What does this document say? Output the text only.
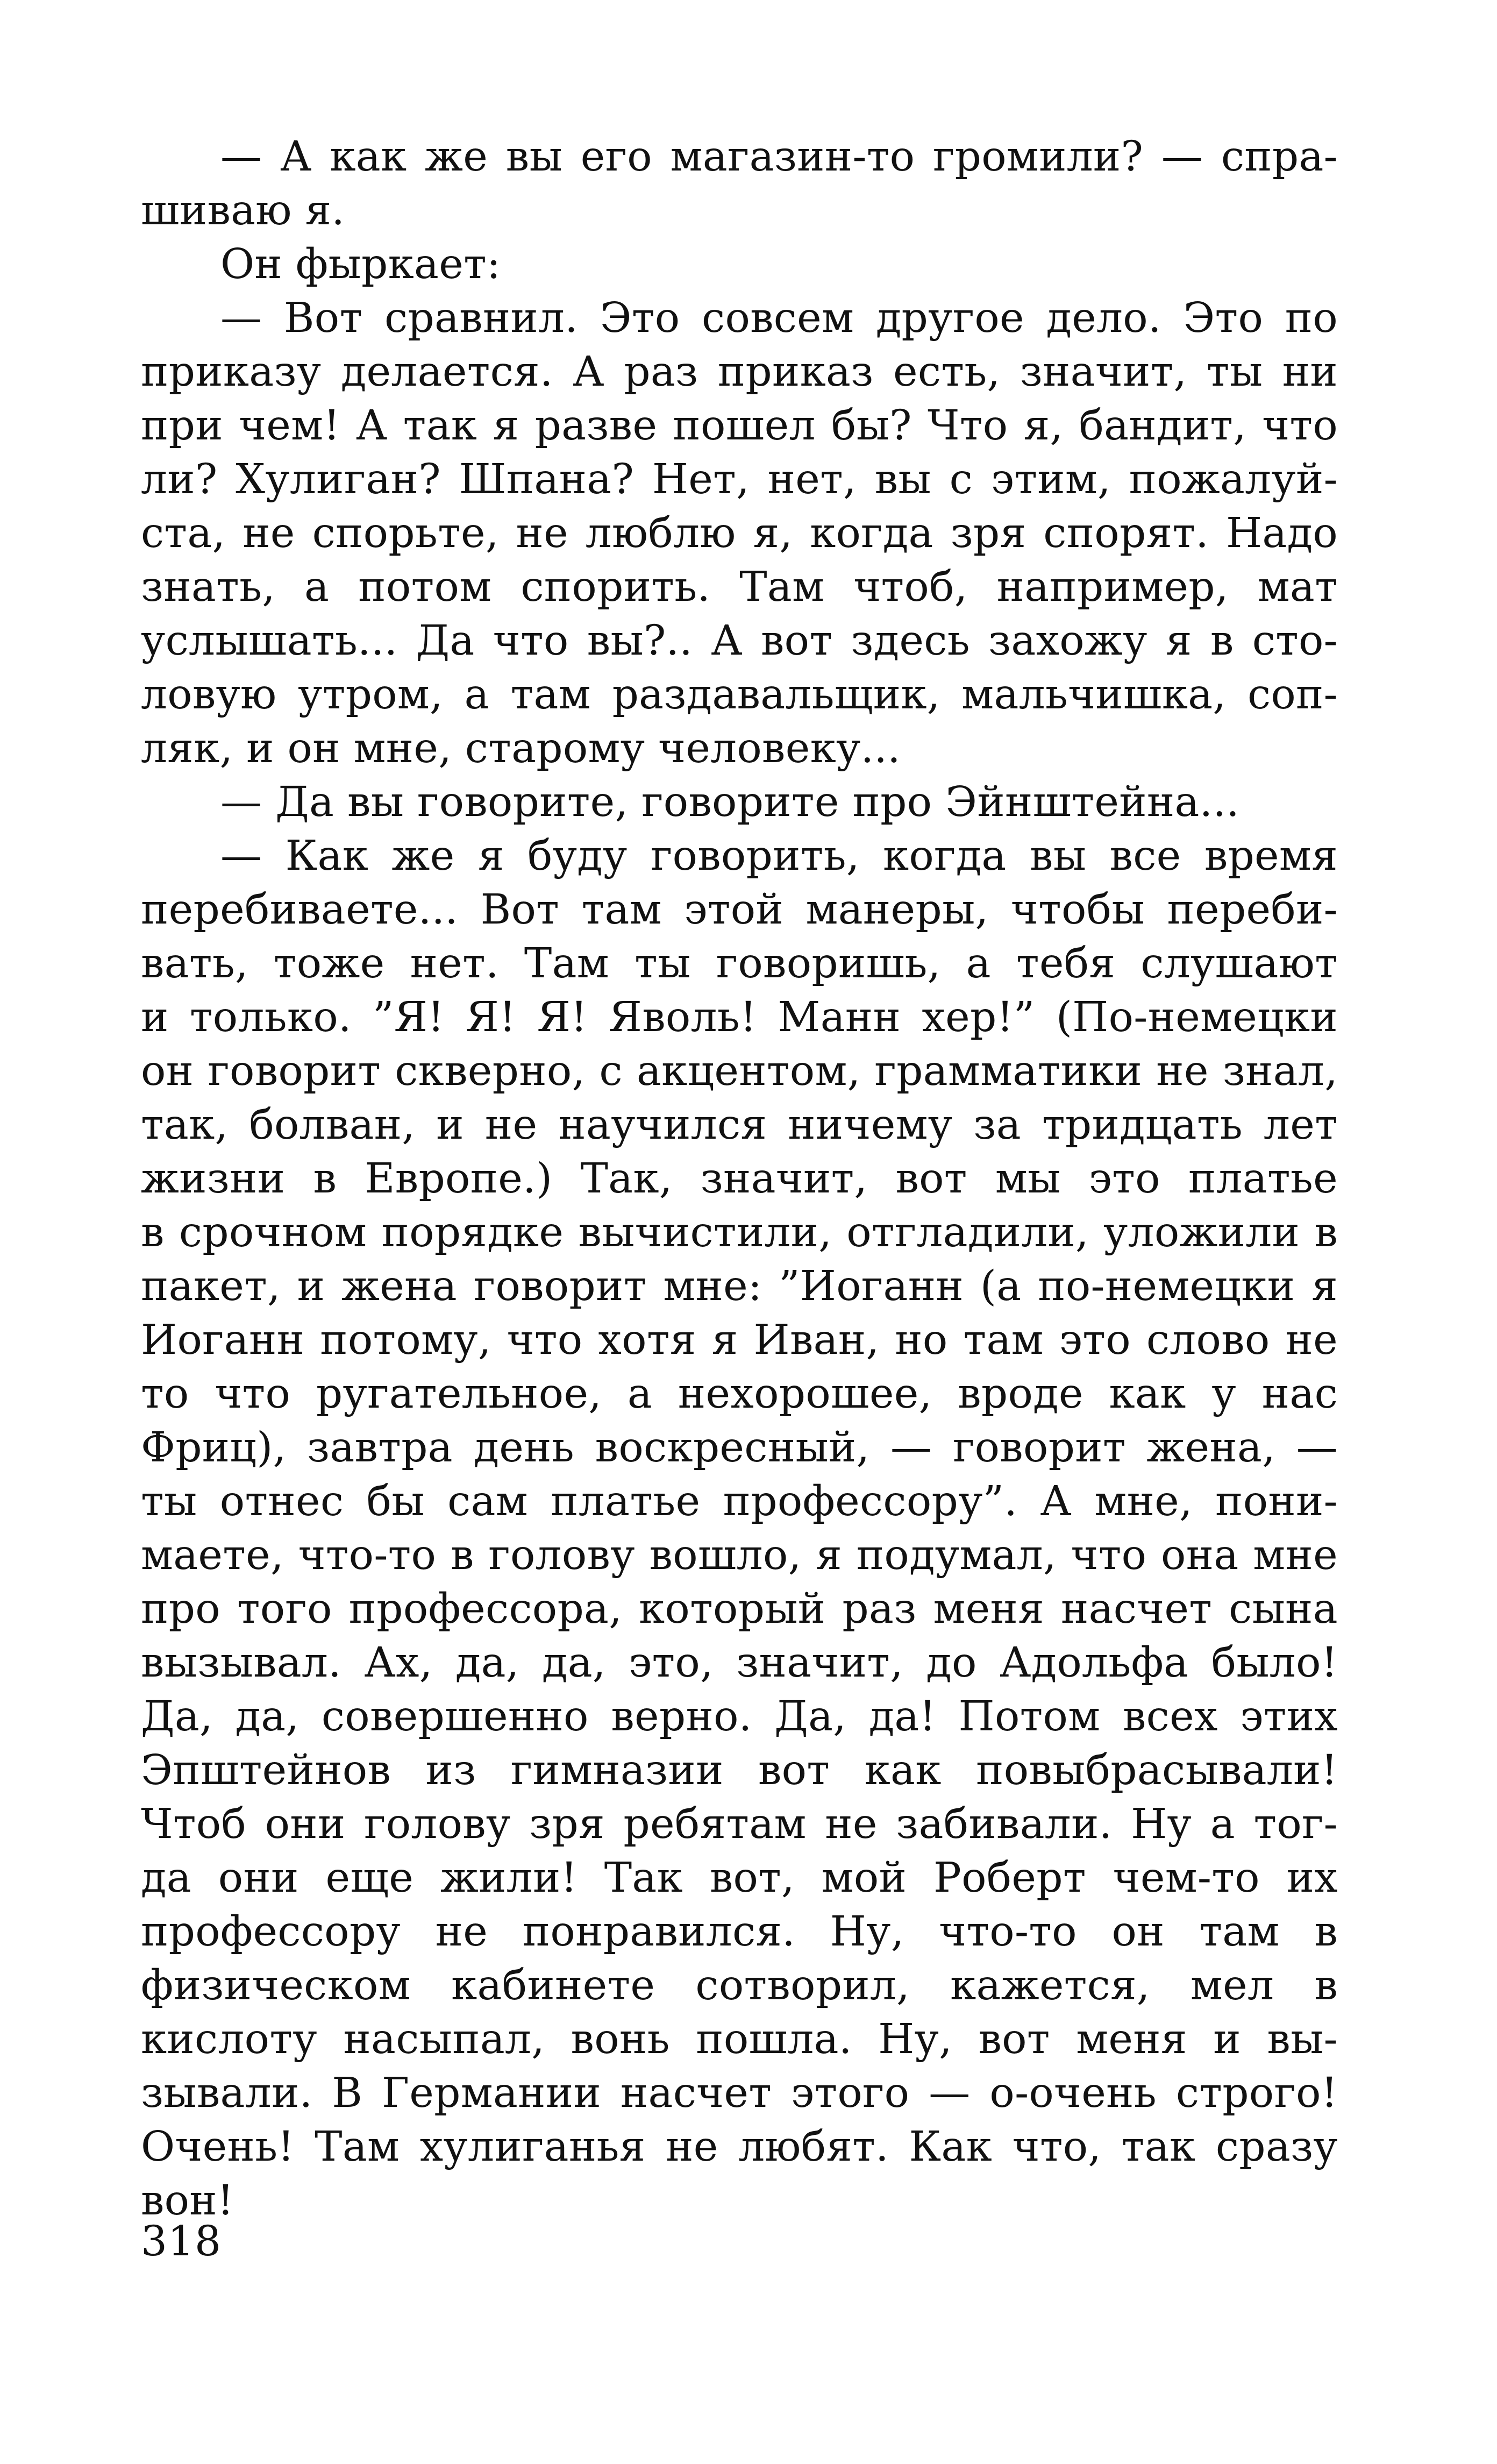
— А как же вы его магазин-то громили? — спра-
шиваю я.
Он фыркает:
— Вот сравнил. Это совсем другое дело. Это по
приказу делается. А раз приказ есть, значит, ты ни
при чем! А так я разве пошел бы? Что я, бандит, что
ли? Хулиган? Шпана? Нет, нет, вы с этим, пожалуй-
ста, не спорьте, не люблю я, когда зря спорят. Надо
знать, а потом спорить. Там чтоб, например, мат
услышать... Да что вы?.. А вот здесь захожу я в сто-
ловую утром, а там раздавальщик, мальчишка, соп-
ляк, и он мне, старому человеку...
— Да вы говорите, говорите про Эйнштейна...
— Как же я буду говорить, когда вы все время
перебиваете... Вот там этой манеры, чтобы переби-
вать, тоже нет. Там ты говоришь, а тебя слушают
и только. ”Я! Я! Я! Яволь! Манн хер!” (По-немецки
он говорит скверно, с акцентом, грамматики не знал,
так, болван, и не научился ничему за тридцать лет
жизни в Европе.) Так, значит, вот мы это платье
в срочном порядке вычистили, отгладили, уложили в
пакет, и жена говорит мне: ”Иоганн (а по-немецки я
Иоганн потому, что хотя я Иван, но там это слово не
то что ругательное, а нехорошее, вроде как у нас
Фриц), завтра день воскресный, — говорит жена, —
ты отнес бы сам платье профессору”. А мне, пони-
маете, что-то в голову вошло, я подумал, что она мне
про того профессора, который раз меня насчет сына
вызывал. Ах, да, да, это, значит, до Адольфа было!
Да, да, совершенно верно. Да, да! Потом всех этих
Эпштейнов из гимназии вот как повыбрасывали!
Чтоб они голову зря ребятам не забивали. Ну а тог-
да они еще жили! Так вот, мой Роберт чем-то их
профессору не понравился. Ну, что-то он там в
физическом кабинете сотворил, кажется, мел в
кислоту насыпал, вонь пошла. Ну, вот меня и вы-
зывали. В Германии насчет этого — о-очень строго!
Очень! Там хулиганья не любят. Как что, так сразу
вон!
318
